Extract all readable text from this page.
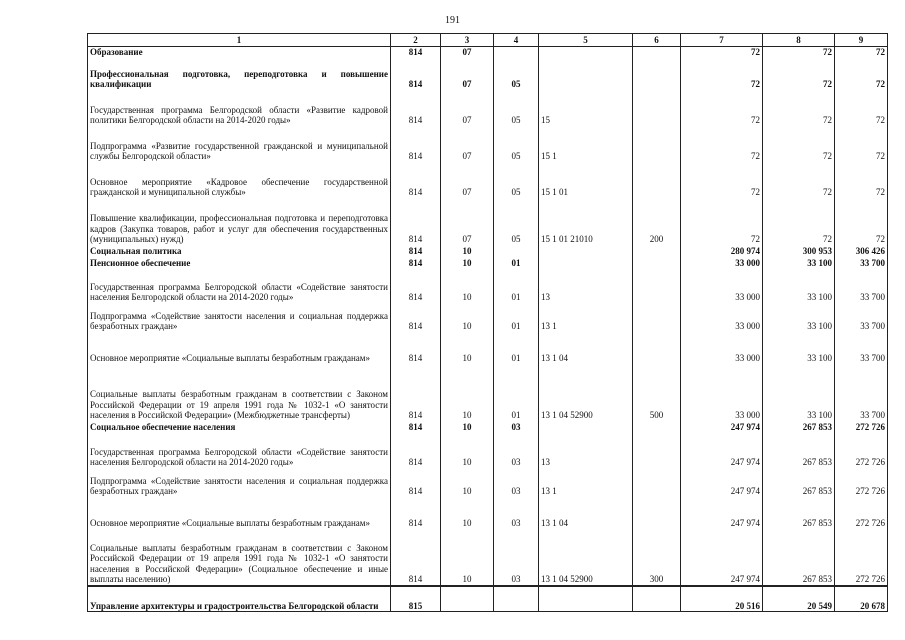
191
1	2	3	4	5	6	7	8	9
Образование	814	07				72	72	72
Профессиональная подготовка, переподготовка и повышение квалификации	814	07	05			72	72	72
Государственная программа Белгородской области «Развитие кадровой политики Белгородской области на 2014-2020 годы»	814	07	05	15		72	72	72
Подпрограмма «Развитие государственной гражданской и муниципальной службы Белгородской области»	814	07	05	15 1		72	72	72
Основное мероприятие «Кадровое обеспечение государственной гражданской и муниципальной службы»	814	07	05	15 1 01		72	72	72
Повышение квалификации, профессиональная подготовка и переподготовка кадров (Закупка товаров, работ и услуг для обеспечения государственных (муниципальных) нужд)	814	07	05	15 1 01 21010	200	72	72	72
Социальная политика	814	10				280 974	300 953	306 426
Пенсионное обеспечение	814	10	01			33 000	33 100	33 700
Государственная программа Белгородской области «Содействие занятости населения Белгородской области на 2014-2020 годы»	814	10	01	13		33 000	33 100	33 700
Подпрограмма «Содействие занятости населения и социальная поддержка безработных граждан»	814	10	01	13 1		33 000	33 100	33 700
Основное мероприятие «Социальные выплаты безработным гражданам»	814	10	01	13 1 04		33 000	33 100	33 700
Социальные выплаты безработным гражданам в соответствии с Законом Российской Федерации от 19 апреля 1991 года № 1032-1 «О занятости населения в Российской Федерации» (Межбюджетные трансферты)	814	10	01	13 1 04 52900	500	33 000	33 100	33 700
Социальное обеспечение населения	814	10	03			247 974	267 853	272 726
Государственная программа Белгородской области «Содействие занятости населения Белгородской области на 2014-2020 годы»	814	10	03	13		247 974	267 853	272 726
Подпрограмма «Содействие занятости населения и социальная поддержка безработных граждан»	814	10	03	13 1		247 974	267 853	272 726
Основное мероприятие «Социальные выплаты безработным гражданам»	814	10	03	13 1 04		247 974	267 853	272 726
Социальные выплаты безработным гражданам в соответствии с Законом Российской Федерации от 19 апреля 1991 года № 1032-1 «О занятости населения в Российской Федерации» (Социальное обеспечение и иные выплаты населению)	814	10	03	13 1 04 52900	300	247 974	267 853	272 726
Управление архитектуры и градостроительства Белгородской области	815					20 516	20 549	20 678
